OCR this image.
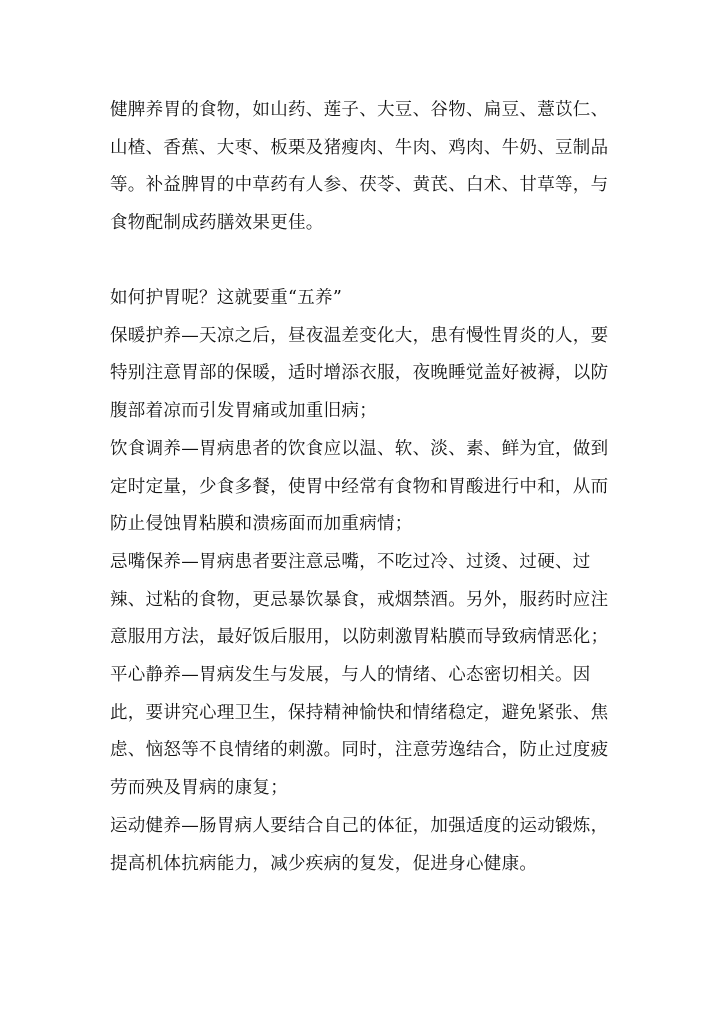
健脾养胃的食物，如山药、莲子、大豆、谷物、扁豆、薏苡仁、山楂、香蕉、大枣、板栗及猪瘦肉、牛肉、鸡肉、牛奶、豆制品等。补益脾胃的中草药有人参、茯苓、黄芪、白术、甘草等，与食物配制成药膳效果更佳。

如何护胃呢？这就要重“五养”

保暖护养—天凉之后，昼夜温差变化大，患有慢性胃炎的人，要特别注意胃部的保暖，适时增添衣服，夜晚睡觉盖好被褥，以防腹部着凉而引发胃痛或加重旧病；

饮食调养—胃病患者的饮食应以温、软、淡、素、鲜为宜，做到定时定量，少食多餐，使胃中经常有食物和胃酸进行中和，从而防止侵蚀胃粘膜和溃疡面而加重病情；

忌嘴保养—胃病患者要注意忌嘴，不吃过冷、过烫、过硬、过辣、过粘的食物，更忌暴饮暴食，戒烟禁酒。另外，服药时应注意服用方法，最好饭后服用，以防刺激胃粘膜而导致病情恶化；

平心静养—胃病发生与发展，与人的情绪、心态密切相关。因此，要讲究心理卫生，保持精神愉快和情绪稳定，避免紧张、焦虑、恼怒等不良情绪的刺激。同时，注意劳逸结合，防止过度疲劳而殃及胃病的康复；

运动健养—肠胃病人要结合自己的体征，加强适度的运动锻炼，提高机体抗病能力，减少疾病的复发，促进身心健康。
